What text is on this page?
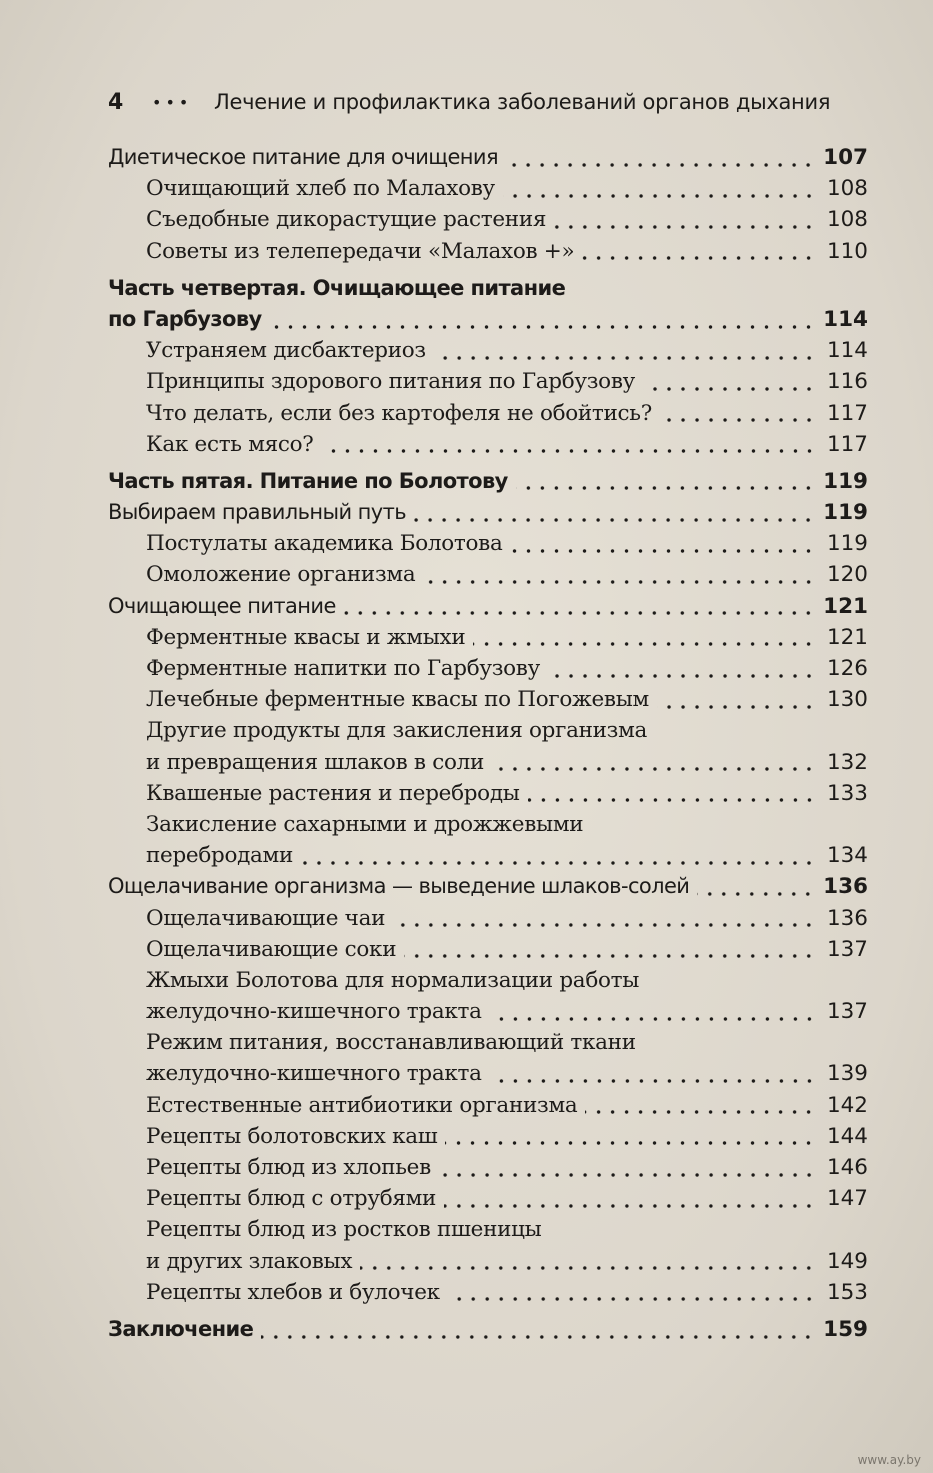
4	•••	Лечение и профилактика заболеваний органов дыхания
Диетическое питание для очищения	107
Очищающий хлеб по Малахову	108
Съедобные дикорастущие растения	108
Советы из телепередачи «Малахов +»	110
Часть четвертая. Очищающее питание
по Гарбузову	114
Устраняем дисбактериоз	114
Принципы здорового питания по Гарбузову	116
Что делать, если без картофеля не обойтись?	117
Как есть мясо?	117
Часть пятая. Питание по Болотову	119
Выбираем правильный путь	119
Постулаты академика Болотова	119
Омоложение организма	120
Очищающее питание	121
Ферментные квасы и жмыхи	121
Ферментные напитки по Гарбузову	126
Лечебные ферментные квасы по Погожевым	130
Другие продукты для закисления организма
и превращения шлаков в соли	132
Квашеные растения и переброды	133
Закисление сахарными и дрожжевыми
перебродами	134
Ощелачивание организма — выведение шлаков-солей	136
Ощелачивающие чаи	136
Ощелачивающие соки	137
Жмыхи Болотова для нормализации работы
желудочно-кишечного тракта	137
Режим питания, восстанавливающий ткани
желудочно-кишечного тракта	139
Естественные антибиотики организма	142
Рецепты болотовских каш	144
Рецепты блюд из хлопьев	146
Рецепты блюд с отрубями	147
Рецепты блюд из ростков пшеницы
и других злаковых	149
Рецепты хлебов и булочек	153
Заключение	159
www.ay.by
